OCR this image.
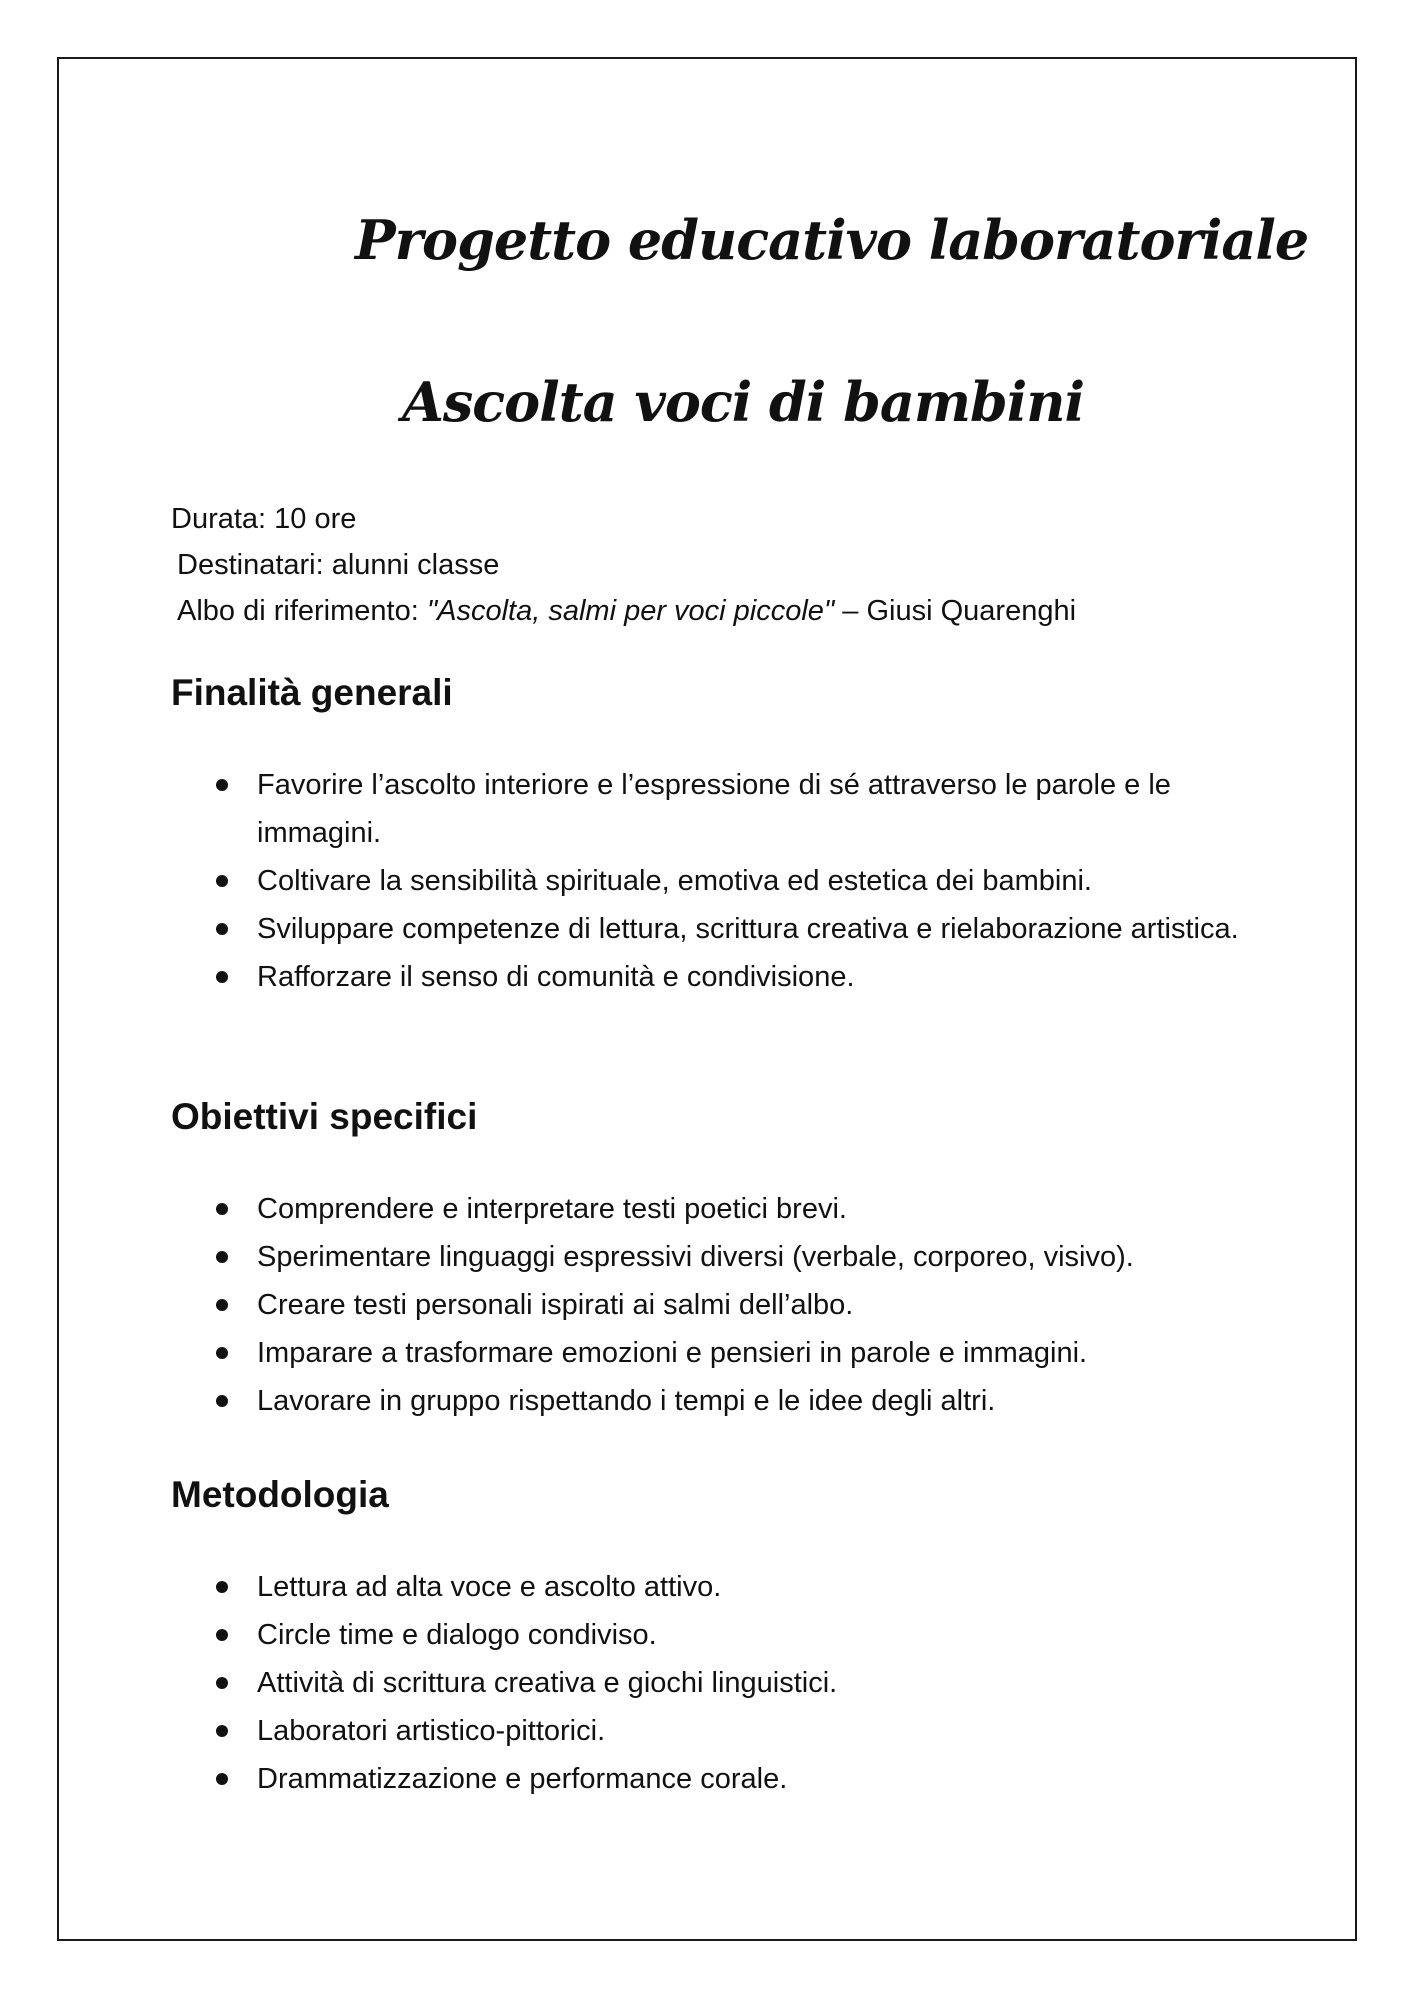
Progetto educativo laboratoriale
Ascolta voci di bambini
Durata: 10 ore
Destinatari: alunni classe
Albo di riferimento: "Ascolta, salmi per voci piccole" – Giusi Quarenghi
Finalità generali
Favorire l’ascolto interiore e l’espressione di sé attraverso le parole e le immagini.
Coltivare la sensibilità spirituale, emotiva ed estetica dei bambini.
Sviluppare competenze di lettura, scrittura creativa e rielaborazione artistica.
Rafforzare il senso di comunità e condivisione.
Obiettivi specifici
Comprendere e interpretare testi poetici brevi.
Sperimentare linguaggi espressivi diversi (verbale, corporeo, visivo).
Creare testi personali ispirati ai salmi dell’albo.
Imparare a trasformare emozioni e pensieri in parole e immagini.
Lavorare in gruppo rispettando i tempi e le idee degli altri.
Metodologia
Lettura ad alta voce e ascolto attivo.
Circle time e dialogo condiviso.
Attività di scrittura creativa e giochi linguistici.
Laboratori artistico-pittorici.
Drammatizzazione e performance corale.
